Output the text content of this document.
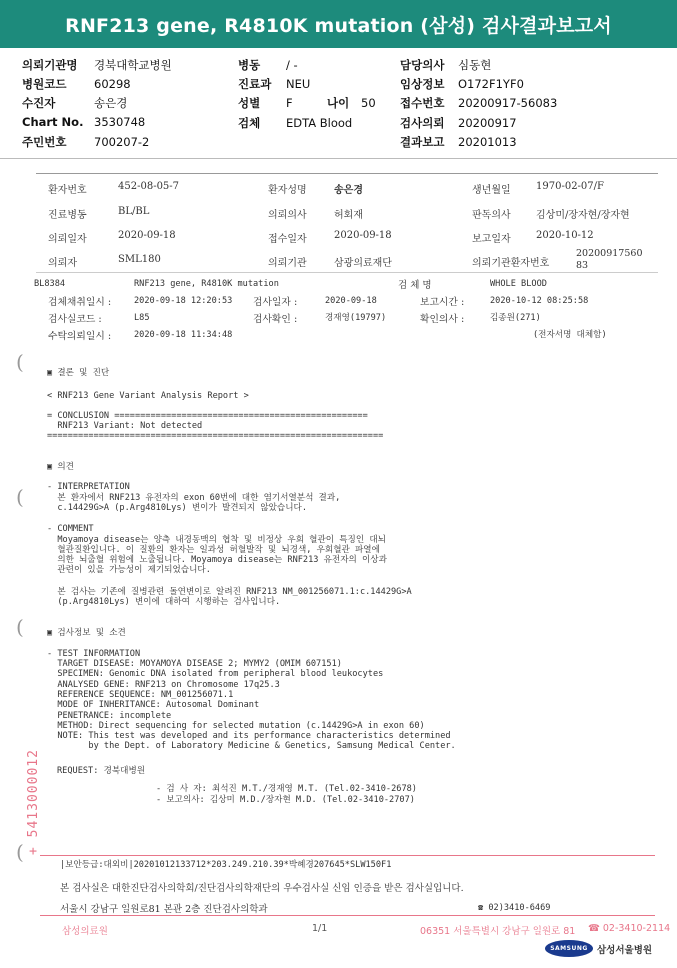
RNF213 gene, R4810K mutation (삼성) 검사결과보고서
의뢰기관명 경북대학교병원
병원코드 60298
수진자	송은경
Chart No. 3530748
주민번호 700207-2
병동 / -
진료과 NEU
성별 F	나이 50
검체 EDTA Blood
담당의사 심동현
임상정보 O172F1YF0
접수번호 20200917-56083
검사의뢰 20200917
결과보고 20201013
환자번호	452-08-05-7	환자성명	송은경	생년월일	1970-02-07/F
진료병동	BL/BL	의뢰의사	허회재	판독의사	김상미/장자현/장자현
의뢰일자	2020-09-18	접수일자	2020-09-18	보고일자	2020-10-12
의뢰자	SML180	의뢰기관	삼광의료재단	의뢰기관환자번호
20200917560
83
BL8384	RNF213 gene, R4810K mutation	검 체 명	WHOLE BLOOD
검체채취일시 :	2020-09-18 12:20:53 검사일자 :	2020-09-18	보고시간 :	2020-10-12 08:25:58
검사실코드 :	L85	검사확인 :	경재영(19797)	확인의사 :	김종원(271)
수탁의뢰일시 :	2020-09-18 11:34:48	(전자서명 대체함)
(
(
(
(
▣ 결론 및 진단
< RNF213 Gene Variant Analysis Report >
= CONCLUSION =================================================
RNF213 Variant: Not detected
=================================================================
▣ 의견
- INTERPRETATION
본 환자에서 RNF213 유전자의 exon 60번에 대한 염기서열분석 결과,
c.14429G>A (p.Arg4810Lys) 변이가 발견되지 않았습니다.
- COMMENT
Moyamoya disease는 양측 내경동맥의 협착 및 비정상 우회 혈관이 특징인 대뇌
혈관질환입니다. 이 질환의 환자는 일과성 허혈발작 및 뇌경색, 우회혈관 파열에
의한 뇌출혈 위험에 노출됩니다. Moyamoya disease는 RNF213 유전자의 이상과
관련이 있을 가능성이 제기되었습니다.
본 검사는 기존에 질병관련 돌연변이로 알려진 RNF213 NM_001256071.1:c.14429G>A
(p.Arg4810Lys) 변이에 대하여 시행하는 검사입니다.
▣ 검사정보 및 소견
- TEST INFORMATION
TARGET DISEASE: MOYAMOYA DISEASE 2; MYMY2 (OMIM 607151)
SPECIMEN: Genomic DNA isolated from peripheral blood leukocytes
ANALYSED GENE: RNF213 on Chromosome 17q25.3
REFERENCE SEQUENCE: NM_001256071.1
MODE OF INHERITANCE: Autosomal Dominant
PENETRANCE: incomplete
METHOD: Direct sequencing for selected mutation (c.14429G>A in exon 60)
NOTE: This test was developed and its performance characteristics determined
by the Dept. of Laboratory Medicine & Genetics, Samsung Medical Center.
REQUEST: 경북대병원
- 검 사 자: 최석진 M.T./경재영 M.T. (Tel.02-3410-2678)
- 보고의사: 김상미 M.D./장자현 M.D. (Tel.02-3410-2707)
+ 5413000012
|보안등급:대외비|20201012133712*203.249.210.39*박혜경207645*SLW150F1
본 검사실은 대한진단검사의학회/진단검사의학재단의 우수검사실 신임 인증을 받은 검사실입니다.
서울시 강남구 일원로81 본관 2층 진단검사의학과	☎ 02)3410-6469
삼성의료원	1/1	06351 서울특별시 강남구 일원로 81 ☎ 02-3410-2114
SAMSUNG 삼성서울병원
